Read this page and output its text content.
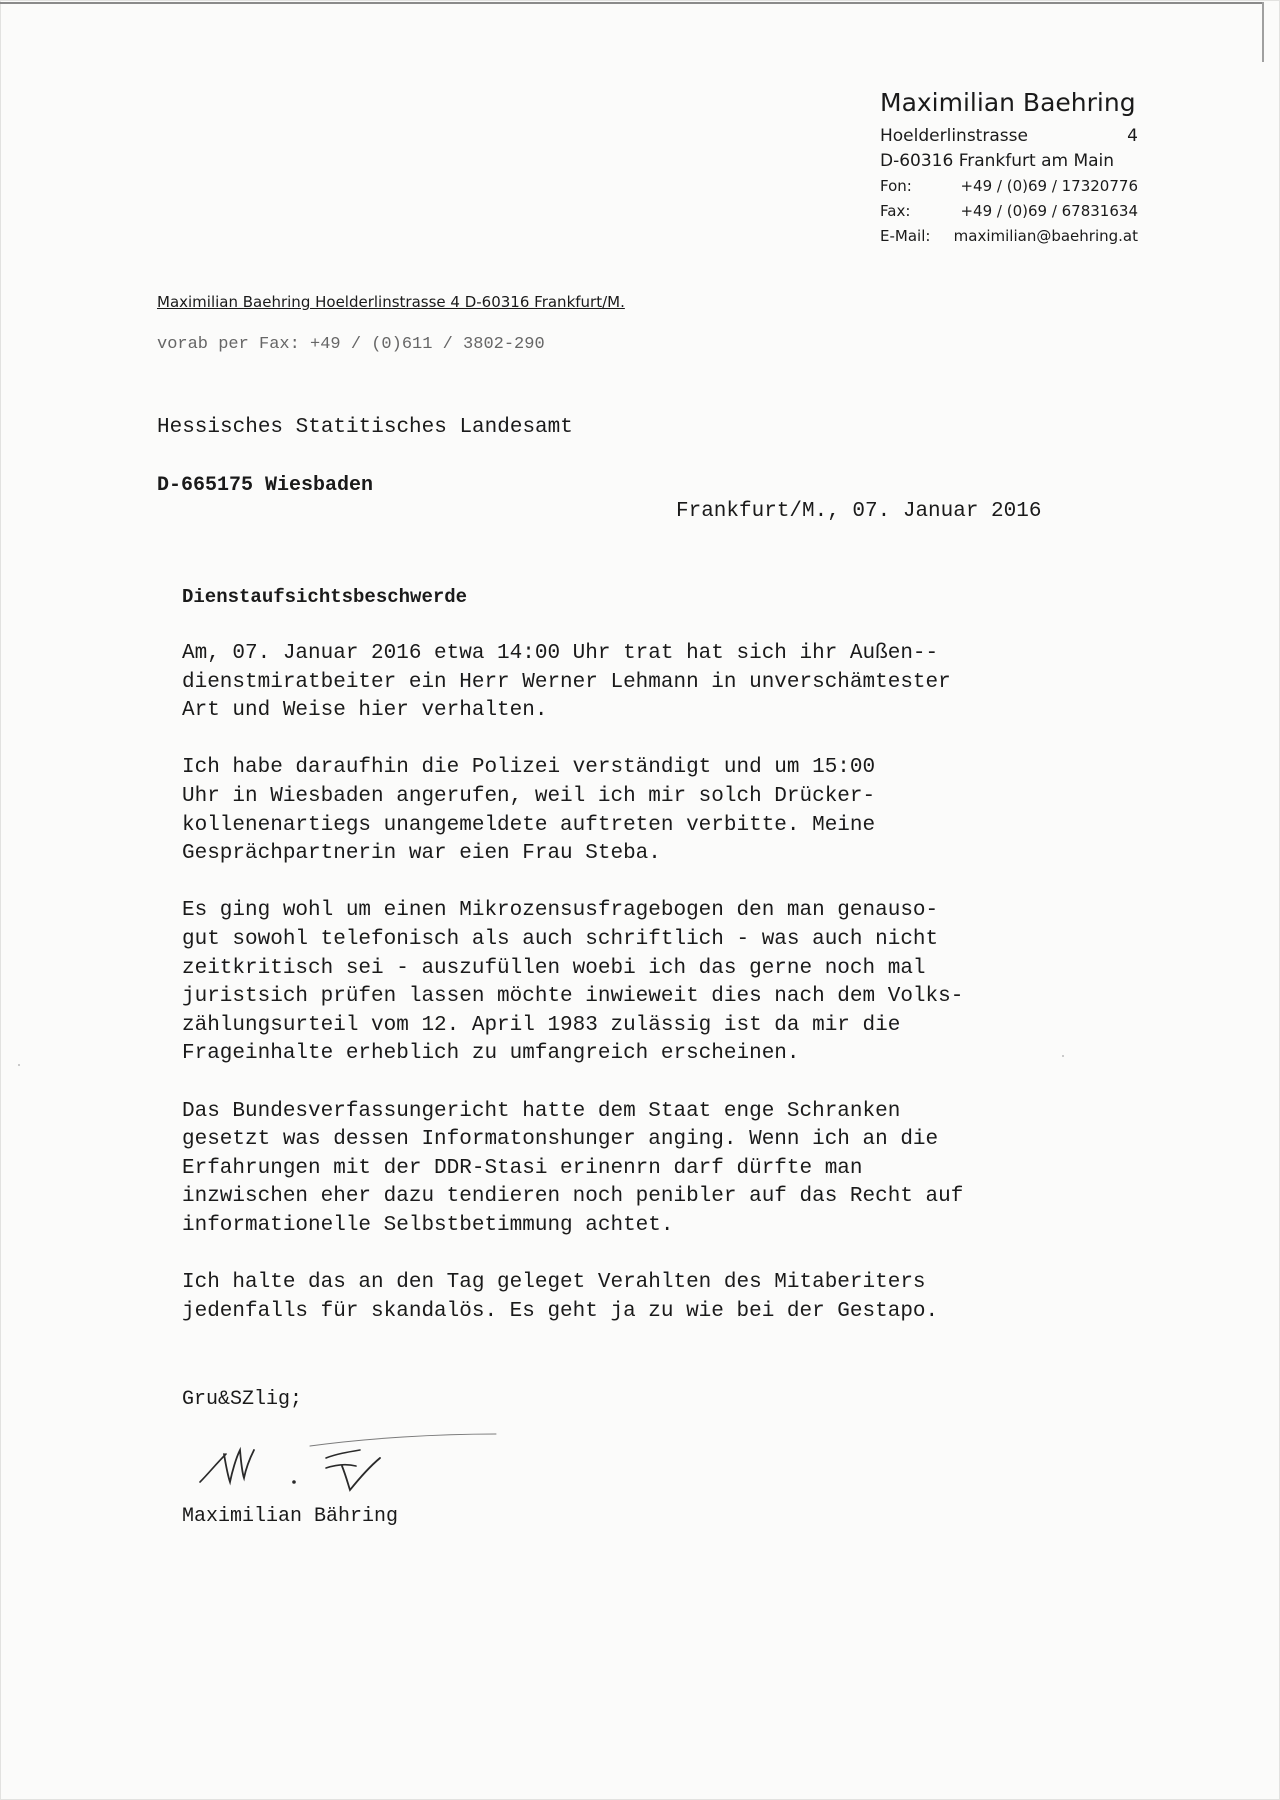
Maximilian Baehring
Hoelderlinstrasse	4
D-60316 Frankfurt am Main
Fon:	+49 / (0)69 / 17320776
Fax:	+49 / (0)69 / 67831634
E-Mail:	maximilian@baehring.at
Maximilian Baehring Hoelderlinstrasse 4 D-60316 Frankfurt/M.
vorab per Fax: +49 / (0)611 / 3802-290
Hessisches Statitisches Landesamt
D-665175 Wiesbaden
Frankfurt/M., 07. Januar 2016
Dienstaufsichtsbeschwerde
Am, 07. Januar 2016 etwa 14:00 Uhr trat hat sich ihr Außen--
dienstmiratbeiter ein Herr Werner Lehmann in unverschämtester
Art und Weise hier verhalten.
Ich habe daraufhin die Polizei verständigt und um 15:00
Uhr in Wiesbaden angerufen, weil ich mir solch Drücker-
kollenenartiegs unangemeldete auftreten verbitte. Meine
Gesprächpartnerin war eien Frau Steba.
Es ging wohl um einen Mikrozensusfragebogen den man genauso-
gut sowohl telefonisch als auch schriftlich - was auch nicht
zeitkritisch sei - auszufüllen woebi ich das gerne noch mal
juristsich prüfen lassen möchte inwieweit dies nach dem Volks-
zählungsurteil vom 12. April 1983 zulässig ist da mir die
Frageinhalte erheblich zu umfangreich erscheinen.
Das Bundesverfassungericht hatte dem Staat enge Schranken
gesetzt was dessen Informatonshunger anging. Wenn ich an die
Erfahrungen mit der DDR-Stasi erinenrn darf dürfte man
inzwischen eher dazu tendieren noch penibler auf das Recht auf
informationelle Selbstbetimmung achtet.
Ich halte das an den Tag geleget Verahlten des Mitaberiters
jedenfalls für skandalös. Es geht ja zu wie bei der Gestapo.
Gru&SZlig;
Maximilian Bähring
